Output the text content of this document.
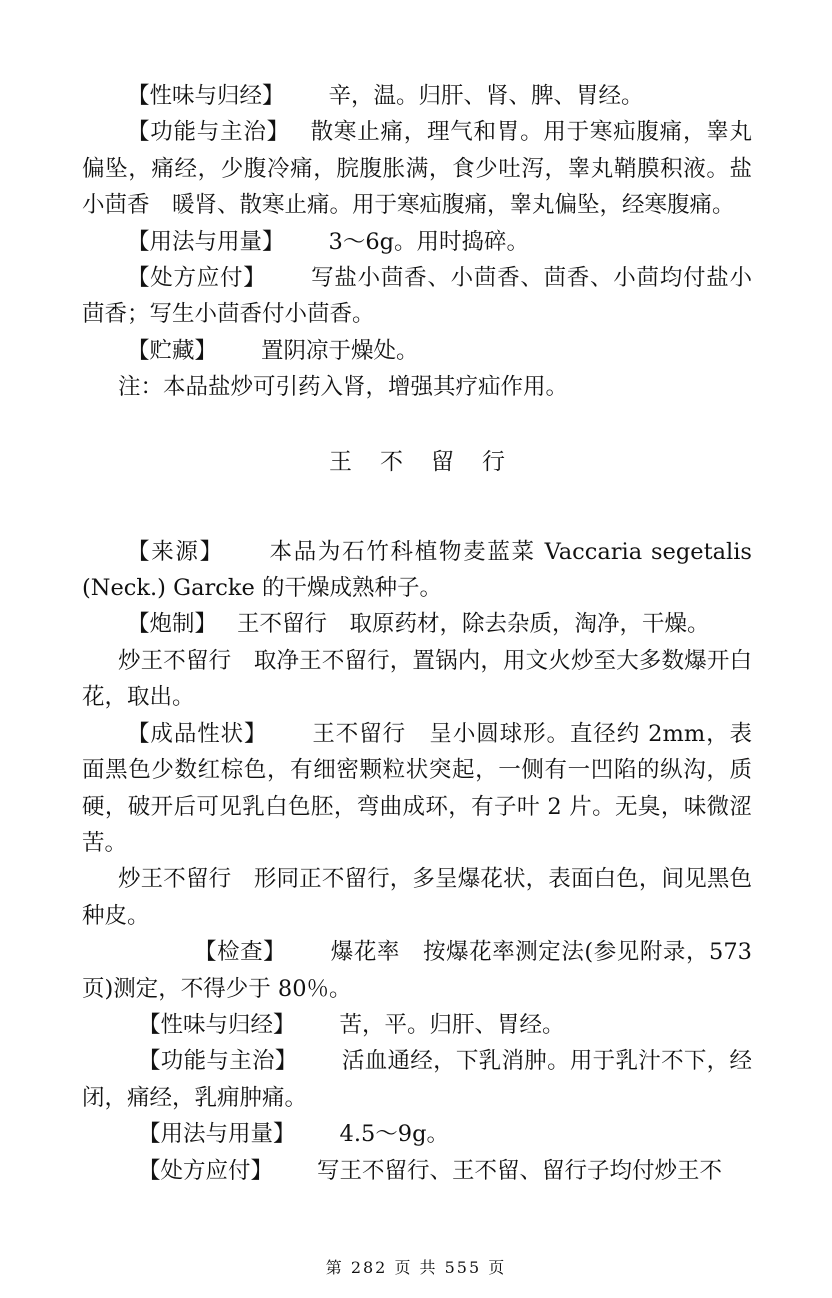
【性味与归经】 辛，温。归肝、肾、脾、胃经。

【功能与主治】 散寒止痛，理气和胃。用于寒疝腹痛，睾丸偏坠，痛经，少腹冷痛，脘腹胀满，食少吐泻，睾丸鞘膜积液。盐小茴香　暖肾、散寒止痛。用于寒疝腹痛，睾丸偏坠，经寒腹痛。

【用法与用量】 3～6g。用时捣碎。

【处方应付】 写盐小茴香、小茴香、茴香、小茴均付盐小茴香；写生小茴香付小茴香。

【贮藏】 置阴凉于燥处。

注：本品盐炒可引药入肾，增强其疗疝作用。

王不留行

【来源】 本品为石竹科植物麦蓝菜 Vaccaria segetalis (Neck.) Garcke 的干燥成熟种子。

【炮制】 王不留行　取原药材，除去杂质，淘净，干燥。

炒王不留行　取净王不留行，置锅内，用文火炒至大多数爆开白花，取出。

【成品性状】 王不留行　呈小圆球形。直径约 2mm，表面黑色少数红棕色，有细密颗粒状突起，一侧有一凹陷的纵沟，质硬，破开后可见乳白色胚，弯曲成环，有子叶 2 片。无臭，味微涩苦。

炒王不留行　形同正不留行，多呈爆花状，表面白色，间见黑色种皮。

【检查】 爆花率　按爆花率测定法(参见附录，573 页)测定，不得少于 80％。

【性味与归经】 苦，平。归肝、胃经。

【功能与主治】 活血通经，下乳消肿。用于乳汁不下，经闭，痛经，乳痈肿痛。

【用法与用量】 4.5～9g。

【处方应付】 写王不留行、王不留、留行子均付炒王不

第 282 页 共 555 页
